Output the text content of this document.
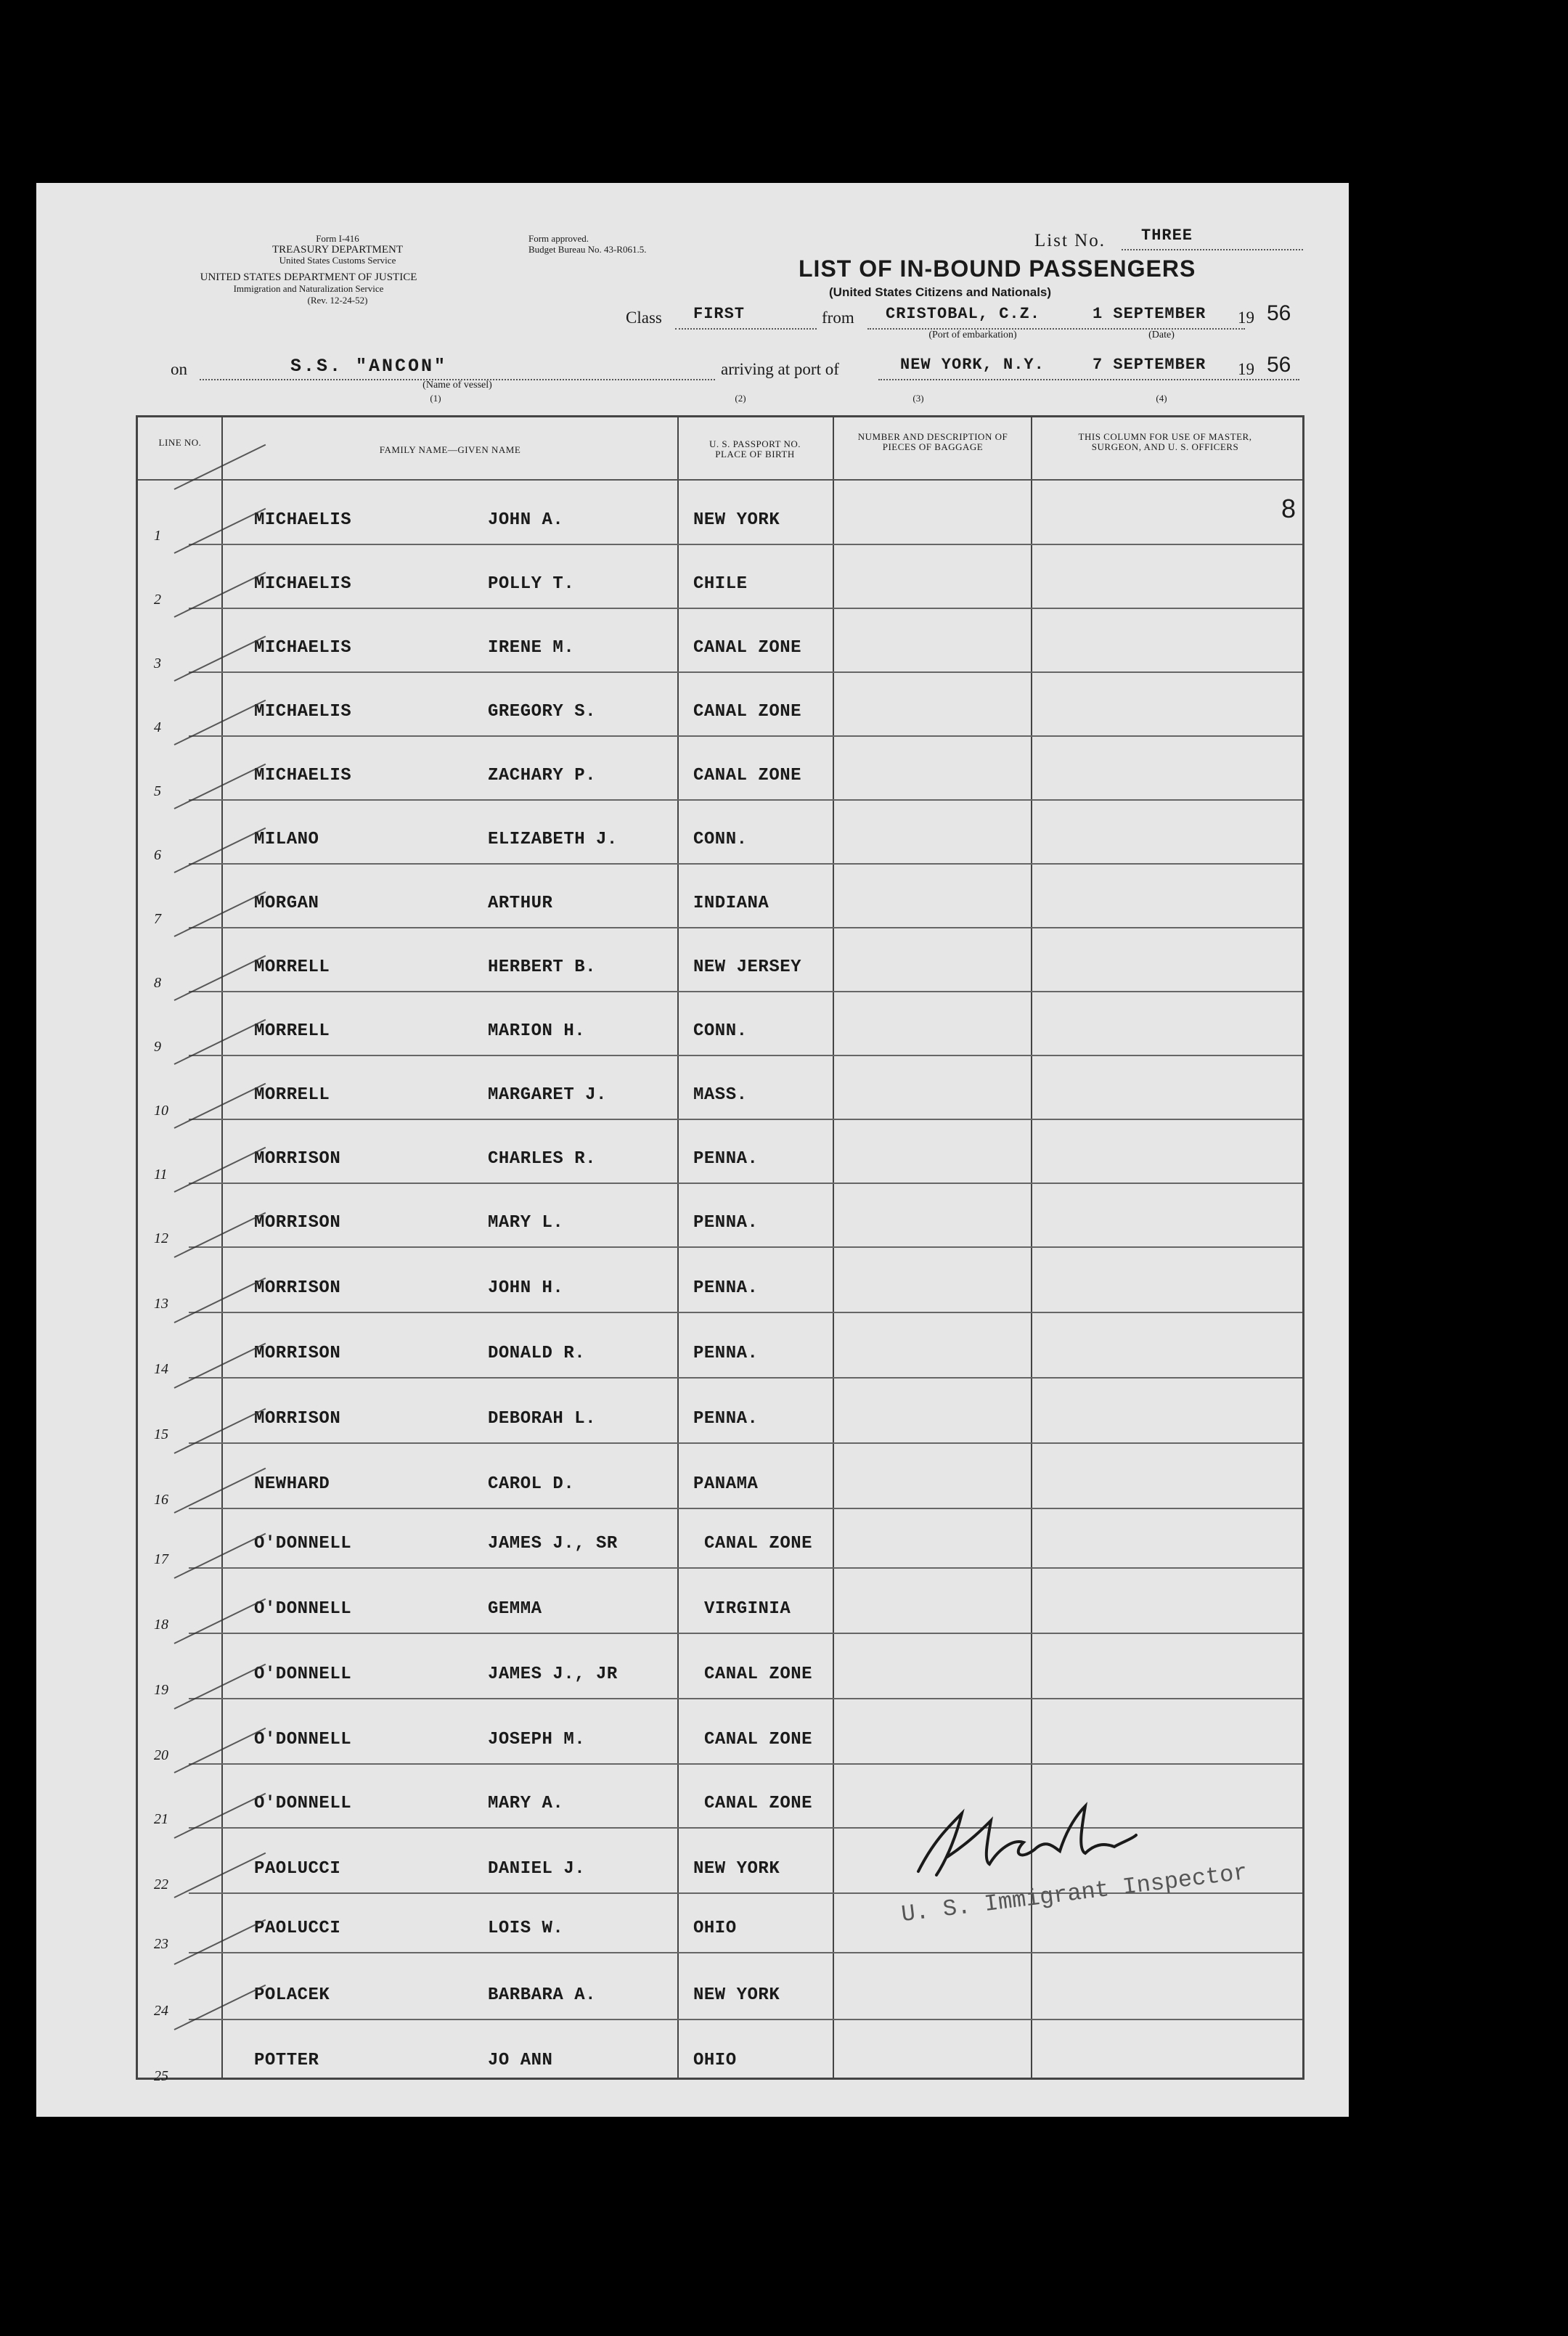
Form I-416
TREASURY DEPARTMENT
United States Customs Service
UNITED STATES DEPARTMENT OF JUSTICE
Immigration and Naturalization Service
(Rev. 12-24-52)
Form approved.
Budget Bureau No. 43-R061.5.	List No. THREE
LIST OF IN-BOUND PASSENGERS
(United States Citizens and Nationals)
Class FIRST	from CRISTOBAL, C.Z.	1 SEPTEMBER 19 56
(Port of embarkation)	(Date)
on	S.S. "ANCON"	arriving at port of	NEW YORK, N.Y.	7 SEPTEMBER 19 56
(Name of vessel)
(1)	(2)	(3)	(4)
LINE NO.
FAMILY NAME—GIVEN NAME
U. S. PASSPORT NO. PLACE OF BIRTH
NUMBER AND DESCRIPTION OF PIECES OF BAGGAGE
THIS COLUMN FOR USE OF MASTER, SURGEON, AND U. S. OFFICERS
1
MICHAELIS	JOHN A.	NEW YORK
2
MICHAELIS	POLLY T.	CHILE
3
MICHAELIS	IRENE M.	CANAL ZONE
4
MICHAELIS	GREGORY S.	CANAL ZONE
5
MICHAELIS	ZACHARY P.	CANAL ZONE
6
MILANO	ELIZABETH J.	CONN.
7
MORGAN	ARTHUR	INDIANA
8
MORRELL	HERBERT B.	NEW JERSEY
9
MORRELL	MARION H.	CONN.
10
MORRELL	MARGARET J.	MASS.
11
MORRISON	CHARLES R.	PENNA.
12
MORRISON	MARY L.	PENNA.
13
MORRISON	JOHN H.	PENNA.
14
MORRISON	DONALD R.	PENNA.
15
MORRISON	DEBORAH L.	PENNA.
16
NEWHARD	CAROL D.	PANAMA
17
O'DONNELL	JAMES J., SR	CANAL ZONE
18
O'DONNELL	GEMMA	VIRGINIA
19
O'DONNELL	JAMES J., JR	CANAL ZONE
20
O'DONNELL	JOSEPH M.	CANAL ZONE
21
O'DONNELL	MARY A.	CANAL ZONE
22
PAOLUCCI	DANIEL J.	NEW YORK
23
PAOLUCCI	LOIS W.	OHIO
24
POLACEK	BARBARA A.	NEW YORK
25
POTTER	JO ANN	OHIO
8
U. S. Immigrant Inspector
